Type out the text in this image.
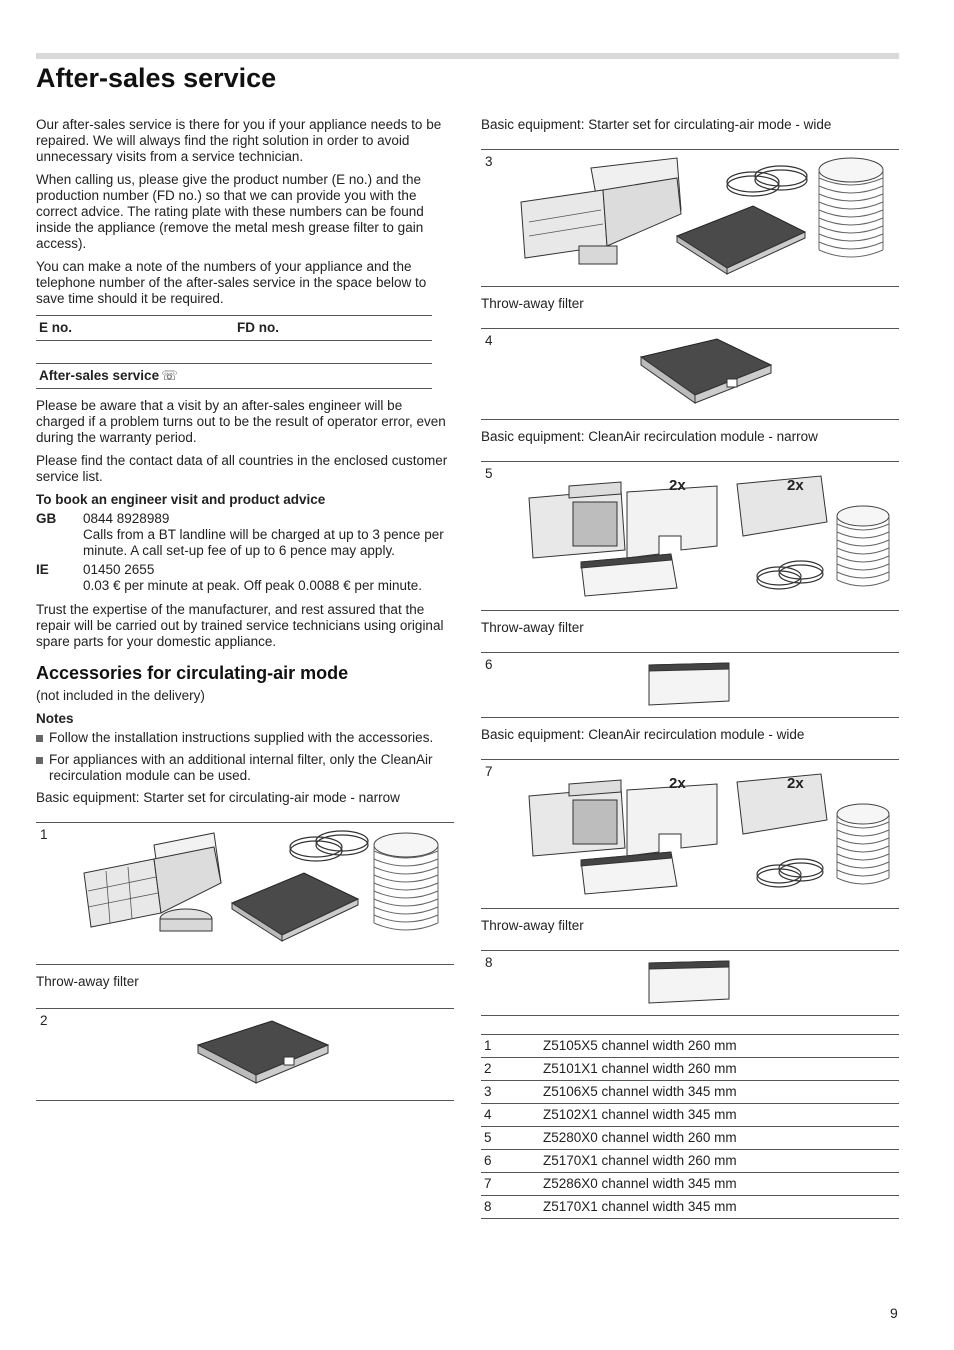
After-sales service

Our after-sales service is there for you if your appliance needs to be repaired. We will always find the right solution in order to avoid unnecessary visits from a service technician.

When calling us, please give the product number (E no.) and the production number (FD no.) so that we can provide you with the correct advice. The rating plate with these numbers can be found inside the appliance (remove the metal mesh grease filter to gain access).

You can make a note of the numbers of your appliance and the telephone number of the after-sales service in the space below to save time should it be required.

E no.	FD no.
After-sales service ☏

Please be aware that a visit by an after-sales engineer will be charged if a problem turns out to be the result of operator error, even during the warranty period.

Please find the contact data of all countries in the enclosed customer service list.

To book an engineer visit and product advice
GB	0844 8928989
Calls from a BT landline will be charged at up to 3 pence per minute. A call set-up fee of up to 6 pence may apply.
IE	01450 2655
0.03 € per minute at peak. Off peak 0.0088 € per minute.

Trust the expertise of the manufacturer, and rest assured that the repair will be carried out by trained service technicians using original spare parts for your domestic appliance.

Accessories for circulating-air mode

(not included in the delivery)

Notes
Follow the installation instructions supplied with the accessories.
For appliances with an additional internal filter, only the CleanAir recirculation module can be used.

Basic equipment: Starter set for circulating-air mode - narrow

1

Throw-away filter

2

Basic equipment: Starter set for circulating-air mode - wide

3

Throw-away filter

4

Basic equipment: CleanAir recirculation module - narrow

5
2x	2x

Throw-away filter

6

Basic equipment: CleanAir recirculation module - wide

7
2x	2x

Throw-away filter

8
1	Z5105X5 channel width 260 mm
2	Z5101X1 channel width 260 mm
3	Z5106X5 channel width 345 mm
4	Z5102X1 channel width 345 mm
5	Z5280X0 channel width 260 mm
6	Z5170X1 channel width 260 mm
7	Z5286X0 channel width 345 mm
8	Z5170X1 channel width 345 mm
9
